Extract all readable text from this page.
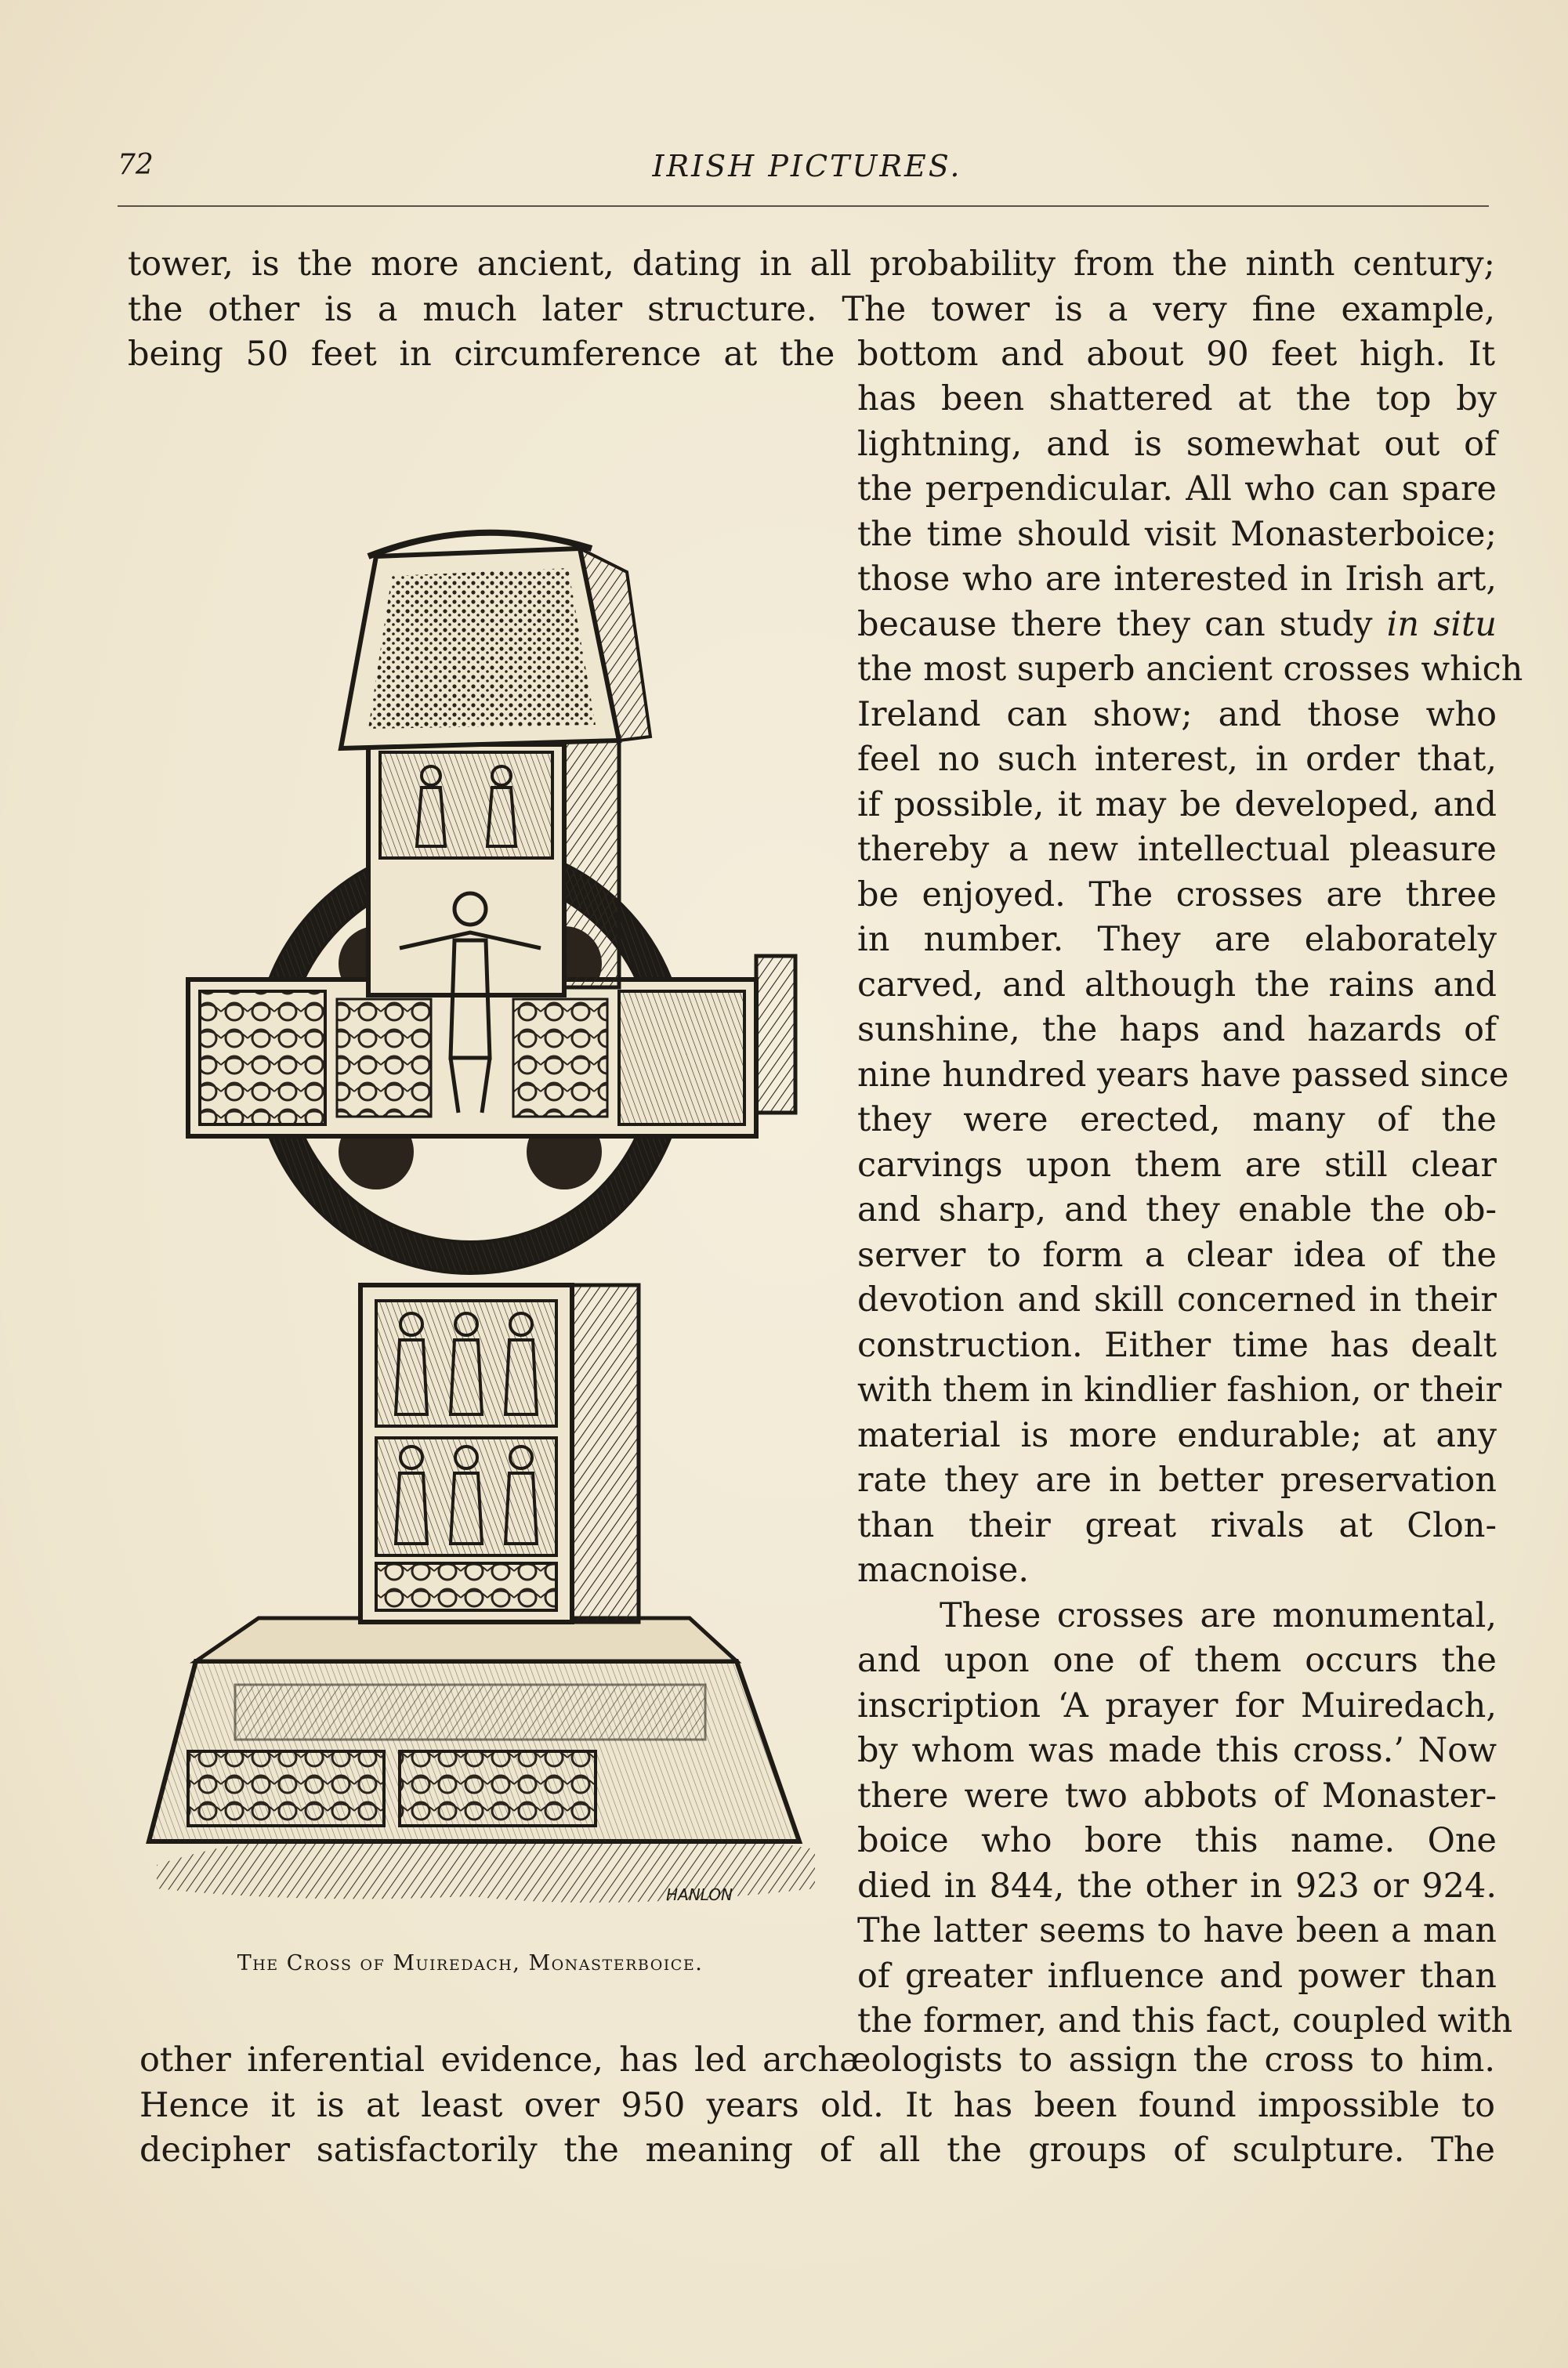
72	IRISH PICTURES.
tower, is the more ancient, dating in all probability from the ninth century;
the other is a much later structure. The tower is a very fine example,
being 50 feet in circumference at the bottom and about 90 feet high. It
HANLON
The Cross of Muiredach, Monasterboice.
has been shattered at the top by
lightning, and is somewhat out of
the perpendicular. All who can spare
the time should visit Monasterboice;
those who are interested in Irish art,
because there they can study in situ
the most superb ancient crosses which
Ireland can show; and those who
feel no such interest, in order that,
if possible, it may be developed, and
thereby a new intellectual pleasure
be enjoyed. The crosses are three
in number. They are elaborately
carved, and although the rains and
sunshine, the haps and hazards of
nine hundred years have passed since
they were erected, many of the
carvings upon them are still clear
and sharp, and they enable the ob-
server to form a clear idea of the
devotion and skill concerned in their
construction. Either time has dealt
with them in kindlier fashion, or their
material is more endurable; at any
rate they are in better preservation
than their great rivals at Clon-
macnoise.
These crosses are monumental,
and upon one of them occurs the
inscription ‘A prayer for Muiredach,
by whom was made this cross.’ Now
there were two abbots of Monaster-
boice who bore this name. One
died in 844, the other in 923 or 924.
The latter seems to have been a man
of greater influence and power than
the former, and this fact, coupled with
other inferential evidence, has led archæologists to assign the cross to him.
Hence it is at least over 950 years old. It has been found impossible to
decipher satisfactorily the meaning of all the groups of sculpture. The
